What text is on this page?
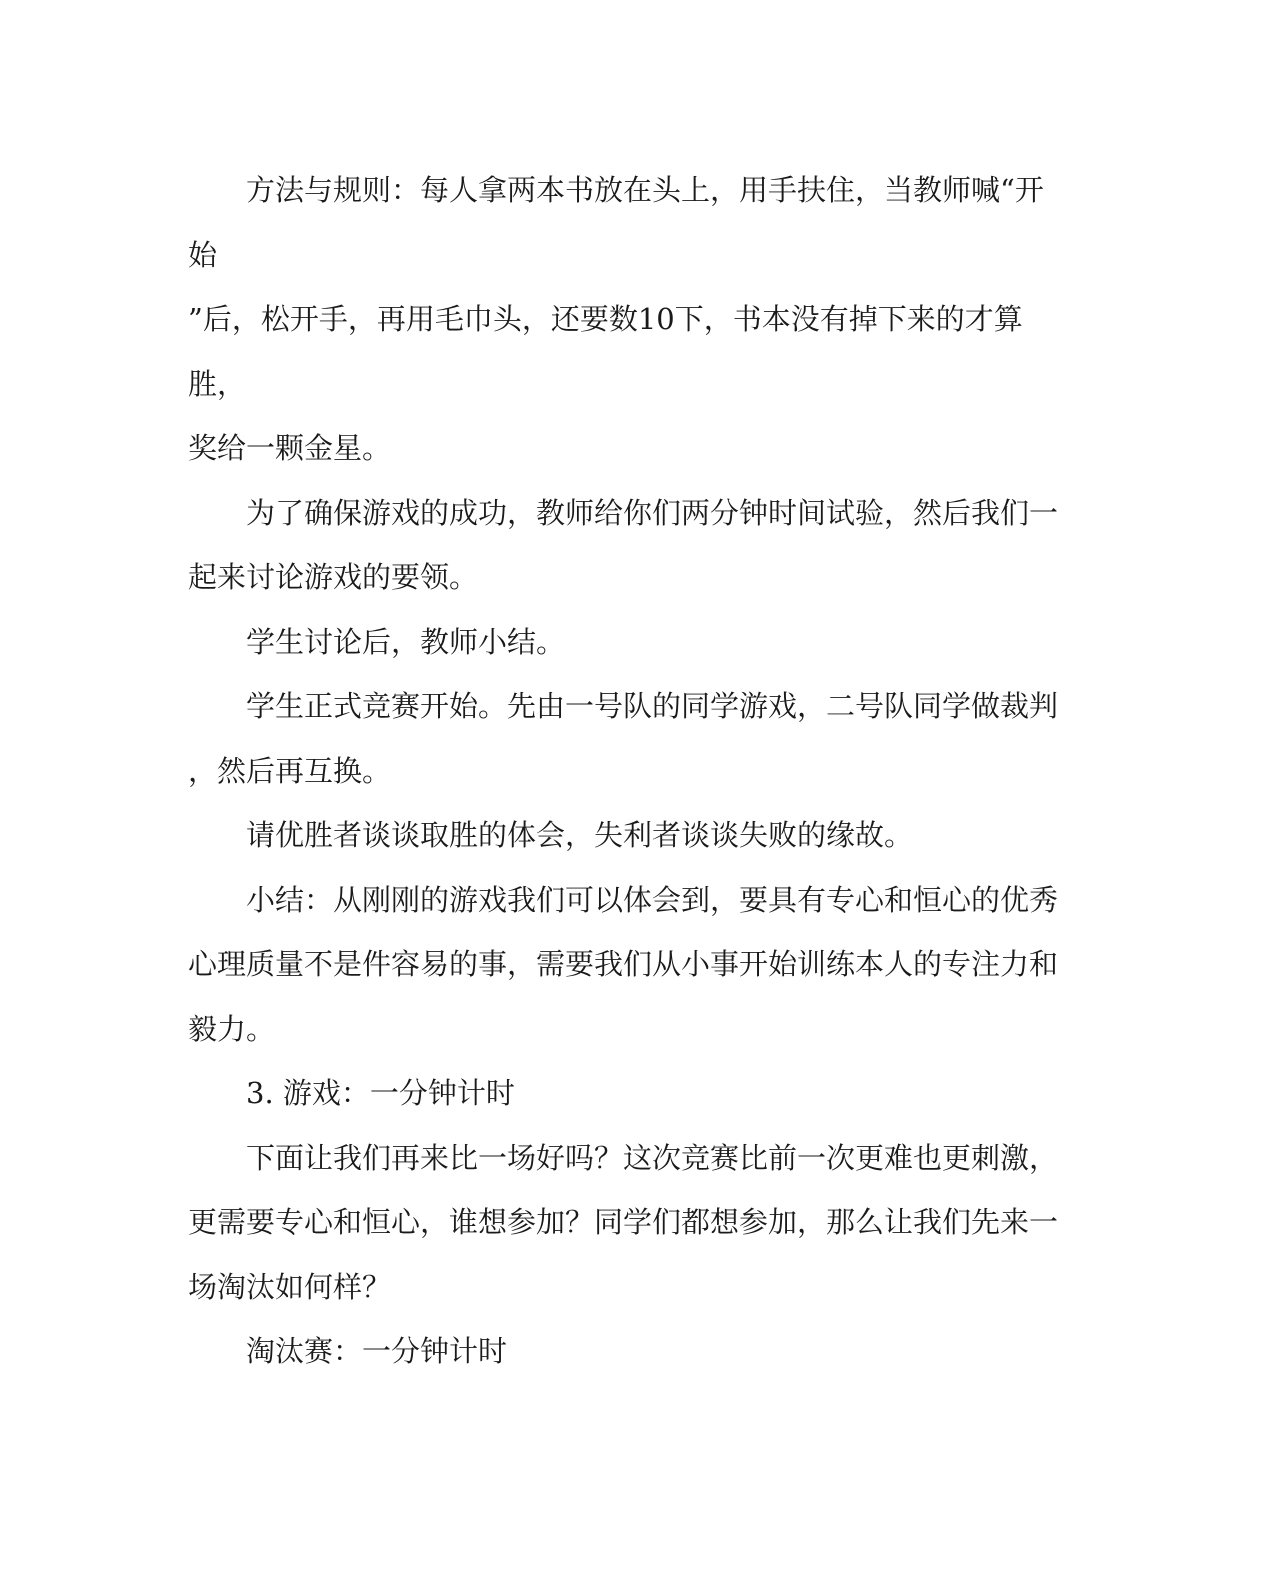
方法与规则：每人拿两本书放在头上，用手扶住，当教师喊“开始
”后，松开手，再用毛巾头，还要数10下，书本没有掉下来的才算胜，
奖给一颗金星。

为了确保游戏的成功，教师给你们两分钟时间试验，然后我们一
起来讨论游戏的要领。

学生讨论后，教师小结。

学生正式竞赛开始。先由一号队的同学游戏，二号队同学做裁判
，然后再互换。

请优胜者谈谈取胜的体会，失利者谈谈失败的缘故。

小结：从刚刚的游戏我们可以体会到，要具有专心和恒心的优秀
心理质量不是件容易的事，需要我们从小事开始训练本人的专注力和
毅力。

3. 游戏：一分钟计时

下面让我们再来比一场好吗？这次竞赛比前一次更难也更刺激，
更需要专心和恒心，谁想参加？同学们都想参加，那么让我们先来一
场淘汰如何样？

淘汰赛：一分钟计时
